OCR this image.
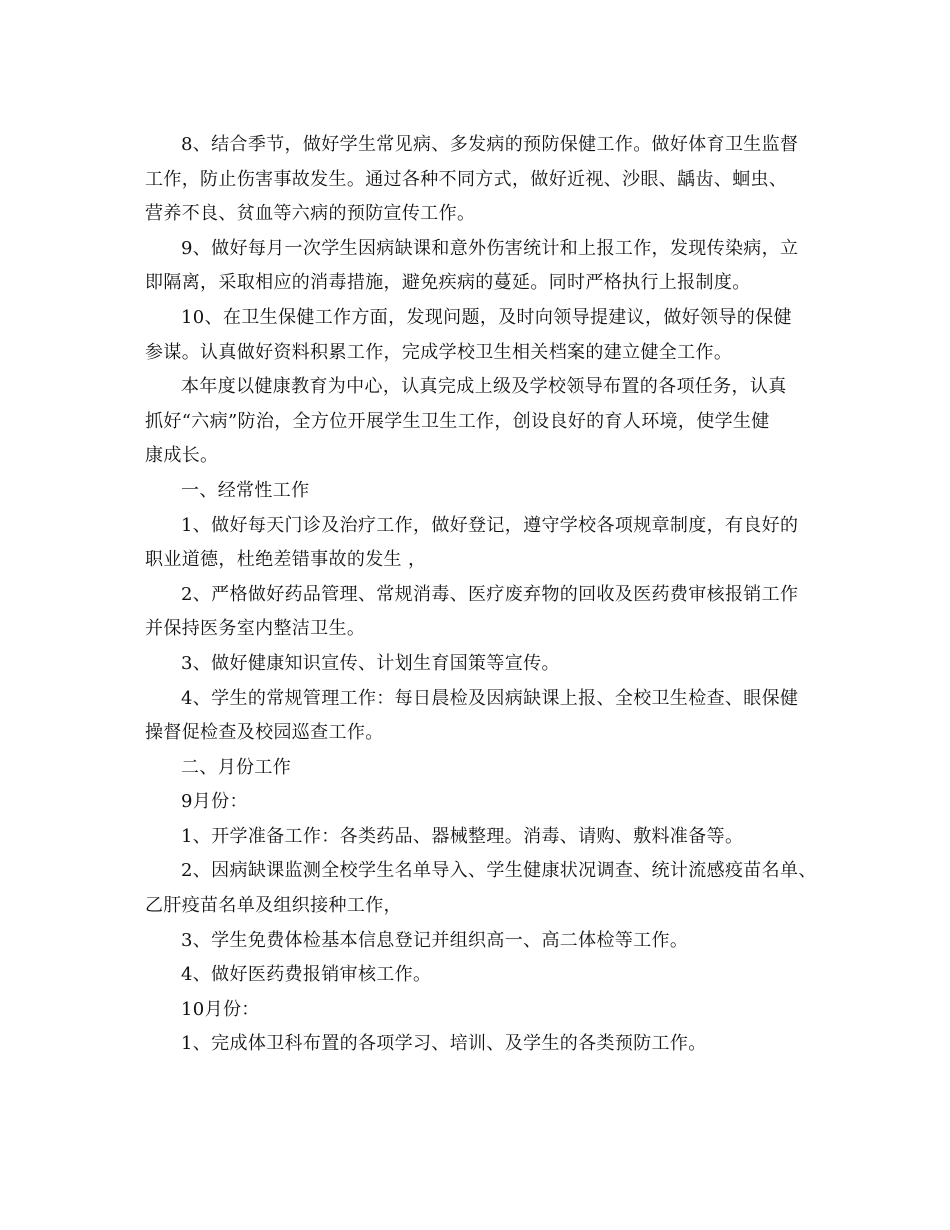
8、结合季节，做好学生常见病、多发病的预防保健工作。做好体育卫生监督
工作，防止伤害事故发生。通过各种不同方式，做好近视、沙眼、龋齿、蛔虫、
营养不良、贫血等六病的预防宣传工作。
9、做好每月一次学生因病缺课和意外伤害统计和上报工作，发现传染病，立
即隔离，采取相应的消毒措施，避免疾病的蔓延。同时严格执行上报制度。
10、在卫生保健工作方面，发现问题，及时向领导提建议，做好领导的保健
参谋。认真做好资料积累工作，完成学校卫生相关档案的建立健全工作。
本年度以健康教育为中心，认真完成上级及学校领导布置的各项任务，认真
抓好“六病”防治，全方位开展学生卫生工作，创设良好的育人环境，使学生健
康成长。
一、经常性工作
1、做好每天门诊及治疗工作，做好登记，遵守学校各项规章制度，有良好的
职业道德，杜绝差错事故的发生 ，
2、严格做好药品管理、常规消毒、医疗废弃物的回收及医药费审核报销工作
并保持医务室内整洁卫生。
3、做好健康知识宣传、计划生育国策等宣传。
4、学生的常规管理工作：每日晨检及因病缺课上报、全校卫生检查、眼保健
操督促检查及校园巡查工作。
二、月份工作
9月份：
1、开学准备工作：各类药品、器械整理。消毒、请购、敷料准备等。
2、因病缺课监测全校学生名单导入、学生健康状况调查、统计流感疫苗名单、
乙肝疫苗名单及组织接种工作，
3、学生免费体检基本信息登记并组织高一、高二体检等工作。
4、做好医药费报销审核工作。
10月份：
1、完成体卫科布置的各项学习、培训、及学生的各类预防工作。
